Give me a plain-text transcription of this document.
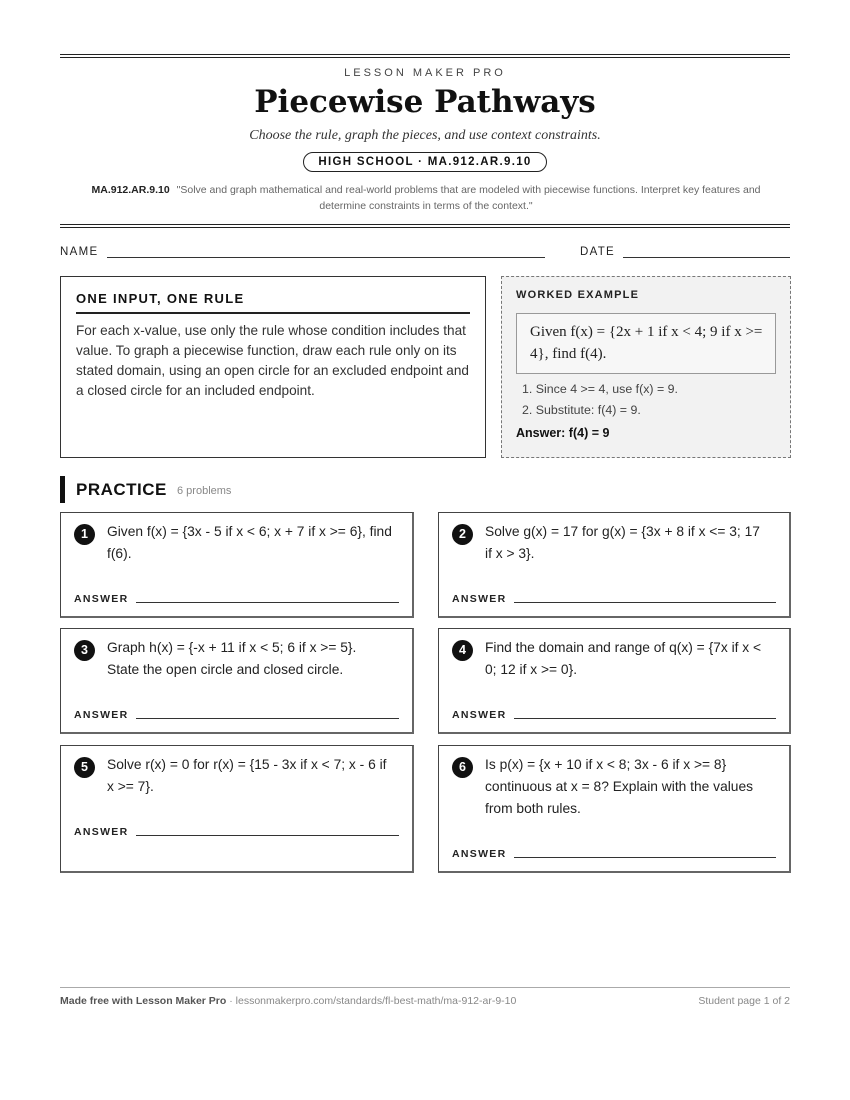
LESSON MAKER PRO
Piecewise Pathways
Choose the rule, graph the pieces, and use context constraints.
HIGH SCHOOL · MA.912.AR.9.10
MA.912.AR.9.10 "Solve and graph mathematical and real-world problems that are modeled with piecewise functions. Interpret key features and determine constraints in terms of the context."
NAME	DATE
ONE INPUT, ONE RULE
For each x-value, use only the rule whose condition includes that value. To graph a piecewise function, draw each rule only on its stated domain, using an open circle for an excluded endpoint and a closed circle for an included endpoint.
WORKED EXAMPLE
Given f(x) = {2x + 1 if x < 4; 9 if x >= 4}, find f(4).
1. Since 4 >= 4, use f(x) = 9.
2. Substitute: f(4) = 9.
Answer: f(4) = 9
PRACTICE 6 problems
1	Given f(x) = {3x - 5 if x < 6; x + 7 if x >= 6}, find f(6).
ANSWER
2	Solve g(x) = 17 for g(x) = {3x + 8 if x <= 3; 17 if x > 3}.
ANSWER
3	Graph h(x) = {-x + 11 if x < 5; 6 if x >= 5}. State the open circle and closed circle.
ANSWER
4	Find the domain and range of q(x) = {7x if x < 0; 12 if x >= 0}.
ANSWER
5	Solve r(x) = 0 for r(x) = {15 - 3x if x < 7; x - 6 if x >= 7}.
ANSWER
6	Is p(x) = {x + 10 if x < 8; 3x - 6 if x >= 8} continuous at x = 8? Explain with the values from both rules.
ANSWER
Made free with Lesson Maker Pro · lessonmakerpro.com/standards/fl-best-math/ma-912-ar-9-10	Student page 1 of 2
